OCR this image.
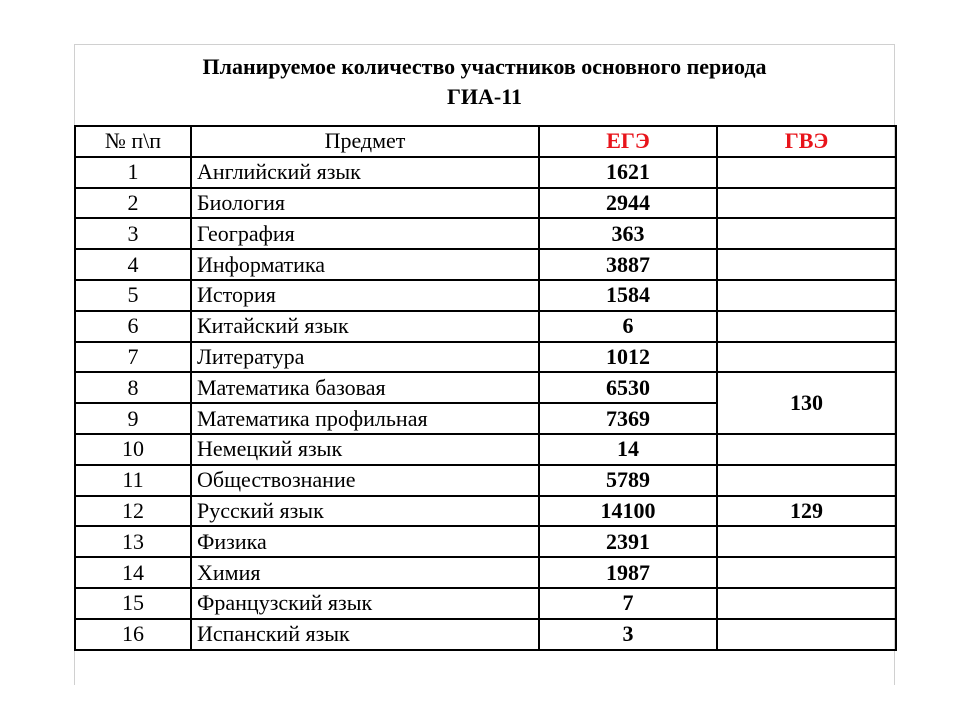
Планируемое количество участников основного периода
ГИА-11
№ п\п	Предмет	ЕГЭ	ГВЭ
1	Английский язык	1621	
2	Биология	2944	
3	География	363	
4	Информатика	3887	
5	История	1584	
6	Китайский язык	6	
7	Литература	1012	
8	Математика базовая	6530	130
9	Математика профильная	7369	
10	Немецкий язык	14	
11	Обществознание	5789	
12	Русский язык	14100	129
13	Физика	2391	
14	Химия	1987	
15	Французский язык	7	
16	Испанский язык	3	
